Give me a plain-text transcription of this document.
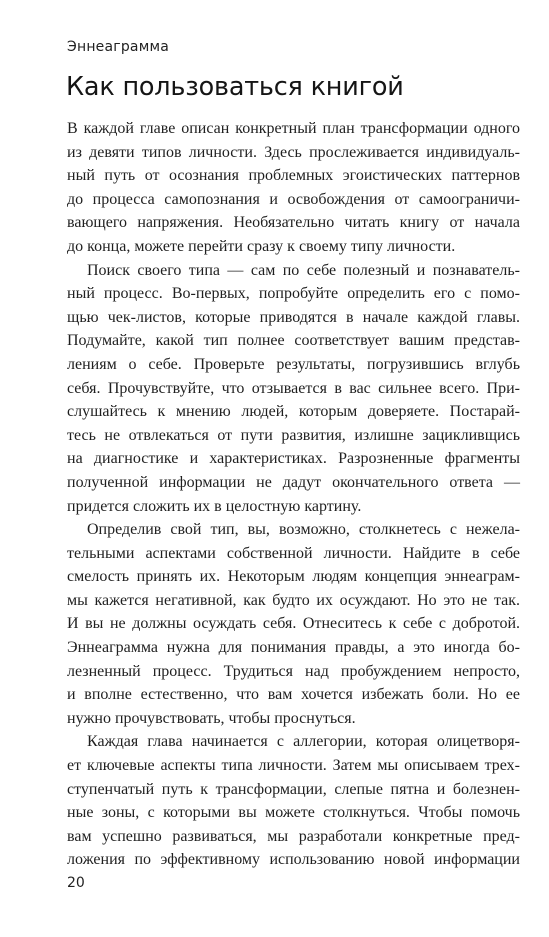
Эннеаграмма
Как пользоваться книгой
В каждой главе описан конкретный план трансформации одного
из девяти типов личности. Здесь прослеживается индивидуаль-
ный путь от осознания проблемных эгоистических паттернов
до процесса самопознания и освобождения от самоограничи-
вающего напряжения. Необязательно читать книгу от начала
до конца, можете перейти сразу к своему типу личности.
Поиск своего типа — сам по себе полезный и познаватель-
ный процесс. Во-первых, попробуйте определить его с помо-
щью чек-листов, которые приводятся в начале каждой главы.
Подумайте, какой тип полнее соответствует вашим представ-
лениям о себе. Проверьте результаты, погрузившись вглубь
себя. Прочувствуйте, что отзывается в вас сильнее всего. При-
слушайтесь к мнению людей, которым доверяете. Постарай-
тесь не отвлекаться от пути развития, излишне зацикливщись
на диагностике и характеристиках. Разрозненные фрагменты
полученной информации не дадут окончательного ответа —
придется сложить их в целостную картину.
Определив свой тип, вы, возможно, столкнетесь с нежела-
тельными аспектами собственной личности. Найдите в себе
смелость принять их. Некоторым людям концепция эннеаграм-
мы кажется негативной, как будто их осуждают. Но это не так.
И вы не должны осуждать себя. Отнеситесь к себе с добротой.
Эннеаграмма нужна для понимания правды, а это иногда бо-
лезненный процесс. Трудиться над пробуждением непросто,
и вполне естественно, что вам хочется избежать боли. Но ее
нужно прочувствовать, чтобы проснуться.
Каждая глава начинается с аллегории, которая олицетворя-
ет ключевые аспекты типа личности. Затем мы описываем трех-
ступенчатый путь к трансформации, слепые пятна и болезнен-
ные зоны, с которыми вы можете столкнуться. Чтобы помочь
вам успешно развиваться, мы разработали конкретные пред-
ложения по эффективному использованию новой информации
20
